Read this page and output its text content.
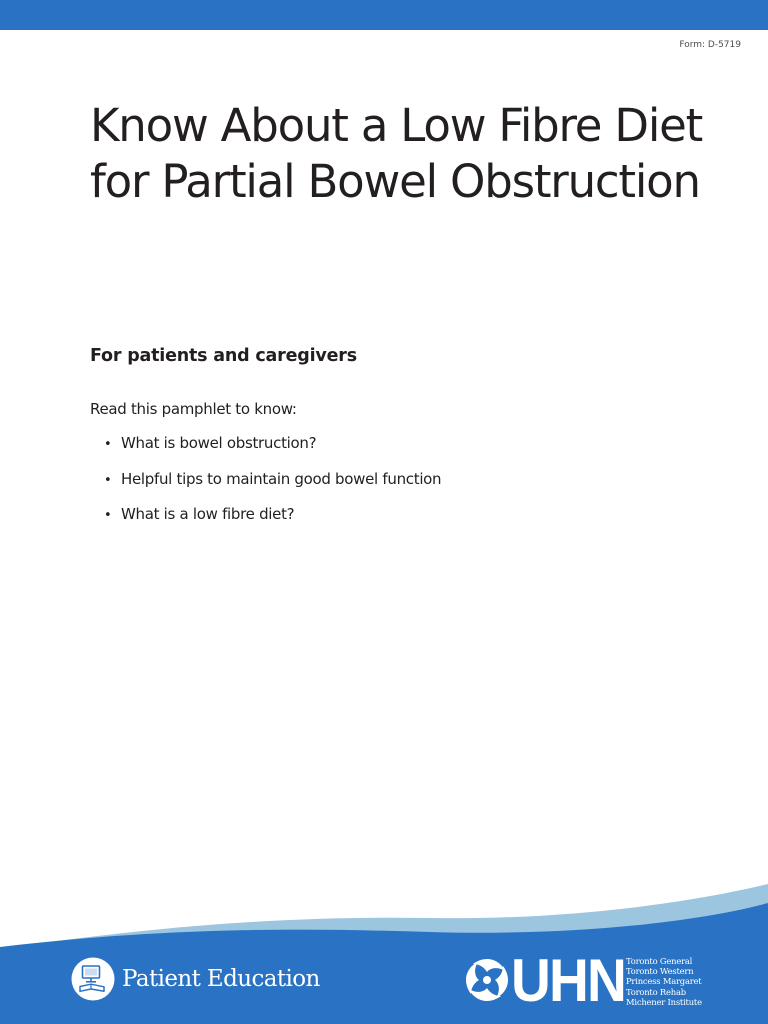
Form: D-5719
Know About a Low Fibre Diet
for Partial Bowel Obstruction
For patients and caregivers

Read this pamphlet to know:

• What is bowel obstruction?
• Helpful tips to maintain good bowel function
• What is a low fibre diet?
Patient Education	UHN Toronto General
Toronto Western
Princess Margaret
Toronto Rehab
Michener Institute
